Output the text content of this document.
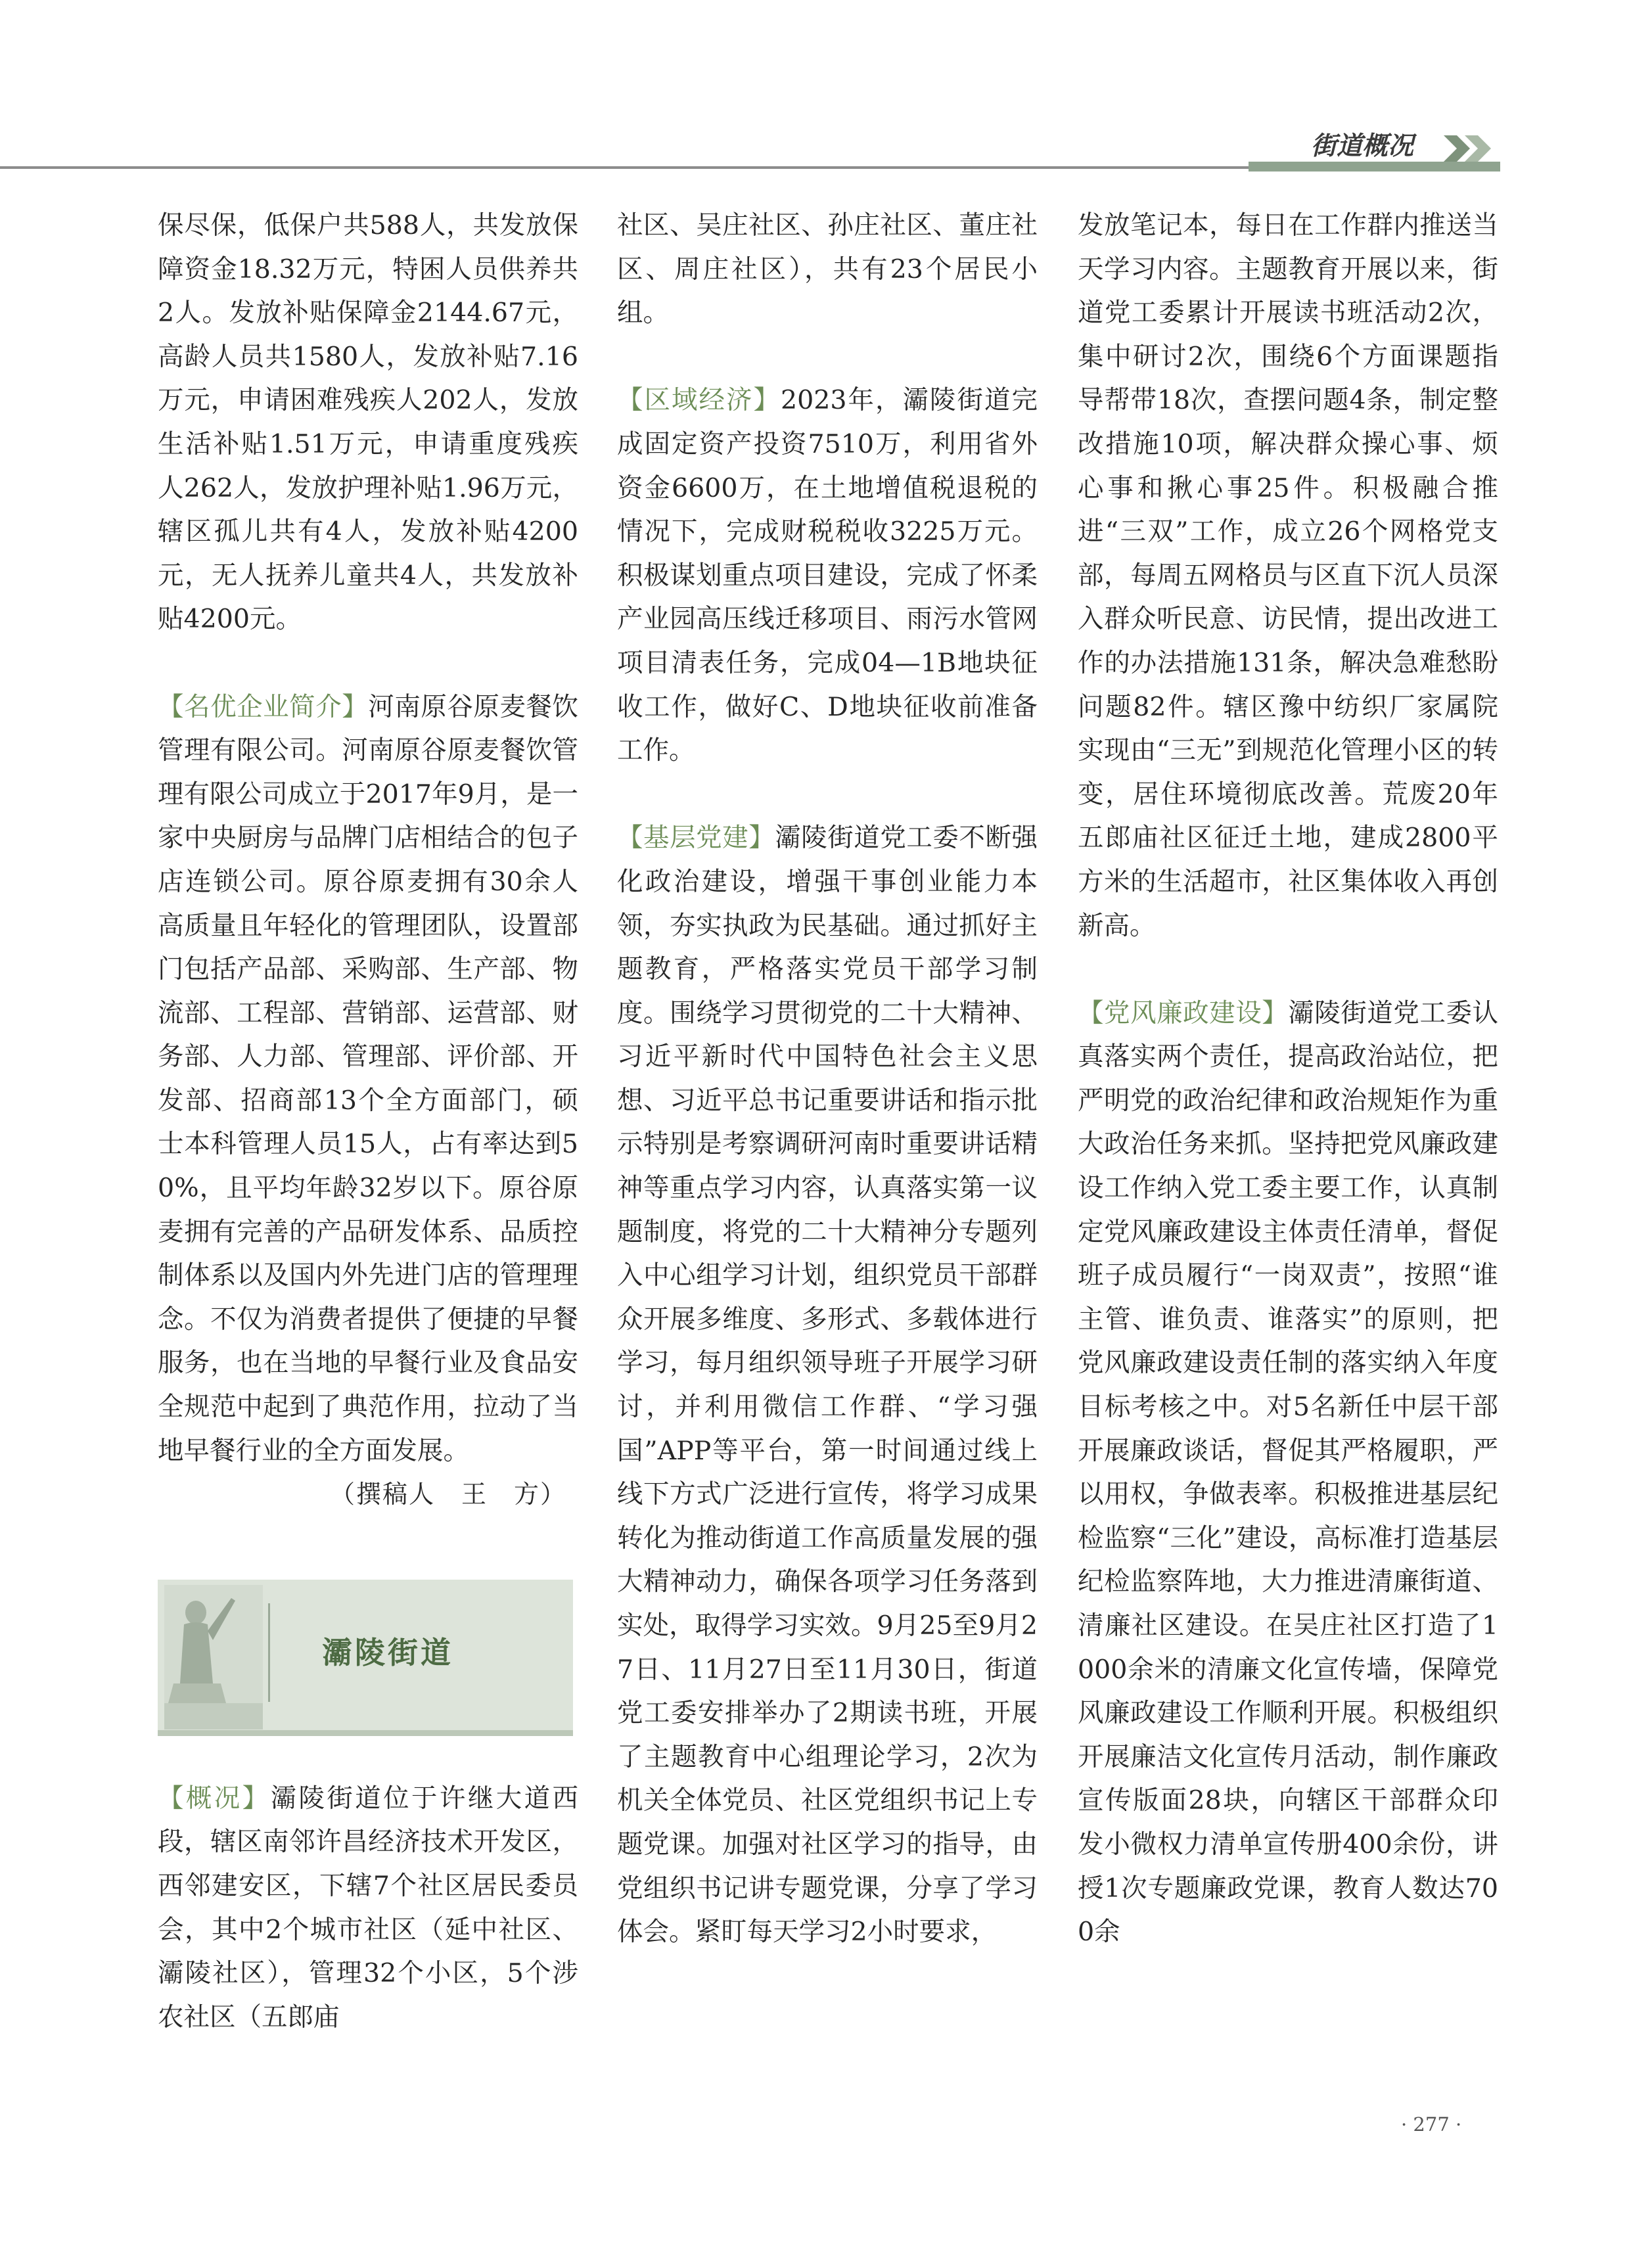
街道概况

保尽保，低保户共588人，共发放保障资金18.32万元，特困人员供养共2人。发放补贴保障金2144.67元，高龄人员共1580人，发放补贴7.16万元，申请困难残疾人202人，发放生活补贴1.51万元，申请重度残疾人262人，发放护理补贴1.96万元，辖区孤儿共有4人，发放补贴4200元，无人抚养儿童共4人，共发放补贴4200元。

【名优企业简介】河南原谷原麦餐饮管理有限公司。河南原谷原麦餐饮管理有限公司成立于2017年9月，是一家中央厨房与品牌门店相结合的包子店连锁公司。原谷原麦拥有30余人高质量且年轻化的管理团队，设置部门包括产品部、采购部、生产部、物流部、工程部、营销部、运营部、财务部、人力部、管理部、评价部、开发部、招商部13个全方面部门，硕士本科管理人员15人，占有率达到50%，且平均年龄32岁以下。原谷原麦拥有完善的产品研发体系、品质控制体系以及国内外先进门店的管理理念。不仅为消费者提供了便捷的早餐服务，也在当地的早餐行业及食品安全规范中起到了典范作用，拉动了当地早餐行业的全方面发展。

（撰稿人　王　方）
灞陵街道

【概况】灞陵街道位于许继大道西段，辖区南邻许昌经济技术开发区，西邻建安区，下辖7个社区居民委员会，其中2个城市社区（延中社区、灞陵社区），管理32个小区，5个涉农社区（五郎庙

社区、吴庄社区、孙庄社区、董庄社区、周庄社区），共有23个居民小组。

【区域经济】2023年，灞陵街道完成固定资产投资7510万，利用省外资金6600万，在土地增值税退税的情况下，完成财税税收3225万元。积极谋划重点项目建设，完成了怀柔产业园高压线迁移项目、雨污水管网项目清表任务，完成04—1B地块征收工作，做好C、D地块征收前准备工作。

【基层党建】灞陵街道党工委不断强化政治建设，增强干事创业能力本领，夯实执政为民基础。通过抓好主题教育，严格落实党员干部学习制度。围绕学习贯彻党的二十大精神、习近平新时代中国特色社会主义思想、习近平总书记重要讲话和指示批示特别是考察调研河南时重要讲话精神等重点学习内容，认真落实第一议题制度，将党的二十大精神分专题列入中心组学习计划，组织党员干部群众开展多维度、多形式、多载体进行学习，每月组织领导班子开展学习研讨，并利用微信工作群、“学习强国”APP等平台，第一时间通过线上线下方式广泛进行宣传，将学习成果转化为推动街道工作高质量发展的强大精神动力，确保各项学习任务落到实处，取得学习实效。9月25至9月27日、11月27日至11月30日，街道党工委安排举办了2期读书班，开展了主题教育中心组理论学习，2次为机关全体党员、社区党组织书记上专题党课。加强对社区学习的指导，由党组织书记讲专题党课，分享了学习体会。紧盯每天学习2小时要求，

发放笔记本，每日在工作群内推送当天学习内容。主题教育开展以来，街道党工委累计开展读书班活动2次，集中研讨2次，围绕6个方面课题指导帮带18次，查摆问题4条，制定整改措施10项，解决群众操心事、烦心事和揪心事25件。积极融合推进“三双”工作，成立26个网格党支部，每周五网格员与区直下沉人员深入群众听民意、访民情，提出改进工作的办法措施131条，解决急难愁盼问题82件。辖区豫中纺织厂家属院实现由“三无”到规范化管理小区的转变，居住环境彻底改善。荒废20年五郎庙社区征迁土地，建成2800平方米的生活超市，社区集体收入再创新高。

【党风廉政建设】灞陵街道党工委认真落实两个责任，提高政治站位，把严明党的政治纪律和政治规矩作为重大政治任务来抓。坚持把党风廉政建设工作纳入党工委主要工作，认真制定党风廉政建设主体责任清单，督促班子成员履行“一岗双责”，按照“谁主管、谁负责、谁落实”的原则，把党风廉政建设责任制的落实纳入年度目标考核之中。对5名新任中层干部开展廉政谈话，督促其严格履职，严以用权，争做表率。积极推进基层纪检监察“三化”建设，高标准打造基层纪检监察阵地，大力推进清廉街道、清廉社区建设。在吴庄社区打造了1000余米的清廉文化宣传墙，保障党风廉政建设工作顺利开展。积极组织开展廉洁文化宣传月活动，制作廉政宣传版面28块，向辖区干部群众印发小微权力清单宣传册400余份，讲授1次专题廉政党课，教育人数达700余

· 277 ·
